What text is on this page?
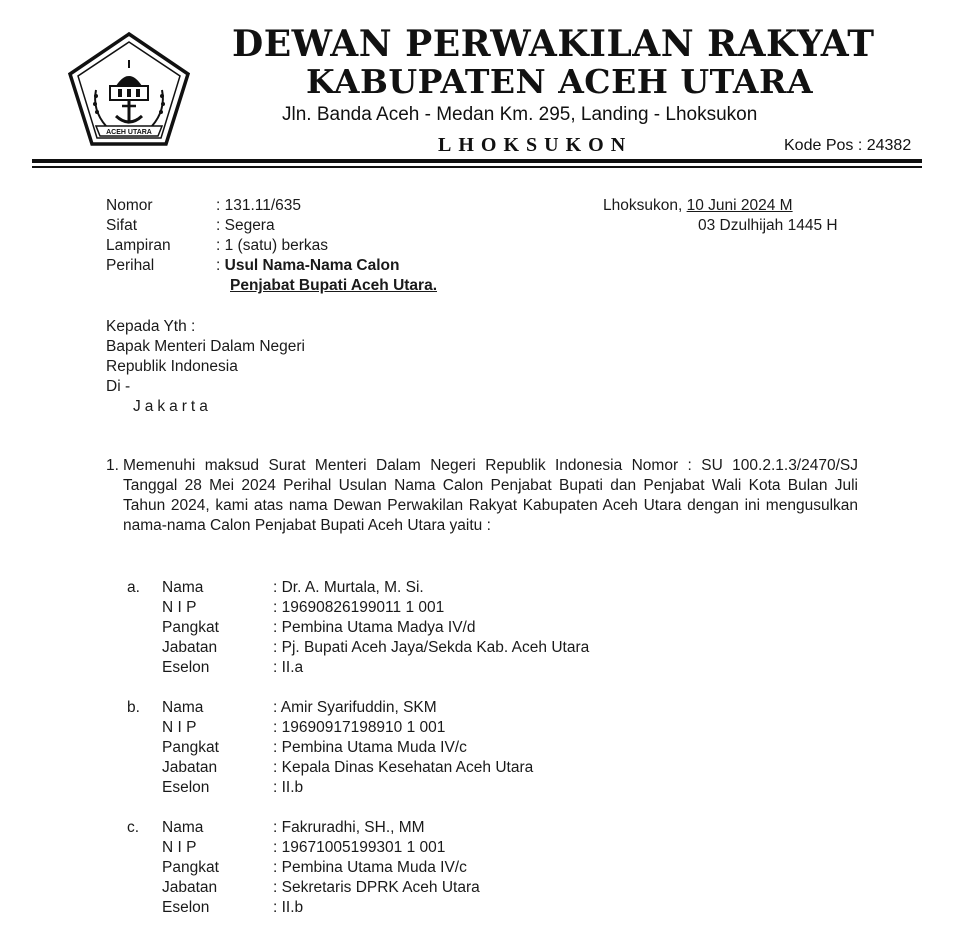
ACEH UTARA
DEWAN PERWAKILAN RAKYAT
KABUPATEN ACEH UTARA
Jln. Banda Aceh - Medan Km. 295, Landing - Lhoksukon
LHOKSUKON	Kode Pos : 24382
Nomor	: 131.11/635
Sifat	: Segera
Lampiran	: 1 (satu) berkas
Perihal	: Usul Nama-Nama Calon
Penjabat Bupati Aceh Utara.
Lhoksukon, 10 Juni 2024 M
03 Dzulhijah 1445 H
Kepada Yth :
Bapak Menteri Dalam Negeri
Republik Indonesia
Di -
Jakarta
1. Memenuhi maksud Surat Menteri Dalam Negeri Republik Indonesia Nomor : SU 100.2.1.3/2470/SJ Tanggal 28 Mei 2024 Perihal Usulan Nama Calon Penjabat Bupati dan Penjabat Wali Kota Bulan Juli Tahun 2024, kami atas nama Dewan Perwakilan Rakyat Kabupaten Aceh Utara dengan ini mengusulkan nama-nama Calon Penjabat Bupati Aceh Utara yaitu :
a. Nama	: Dr. A. Murtala, M. Si.
N I P	: 19690826199011 1 001
Pangkat	: Pembina Utama Madya IV/d
Jabatan	: Pj. Bupati Aceh Jaya/Sekda Kab. Aceh Utara
Eselon	: II.a
b. Nama	: Amir Syarifuddin, SKM
N I P	: 19690917198910 1 001
Pangkat	: Pembina Utama Muda IV/c
Jabatan	: Kepala Dinas Kesehatan Aceh Utara
Eselon	: II.b
c. Nama	: Fakruradhi, SH., MM
N I P	: 19671005199301 1 001
Pangkat	: Pembina Utama Muda IV/c
Jabatan	: Sekretaris DPRK Aceh Utara
Eselon	: II.b
